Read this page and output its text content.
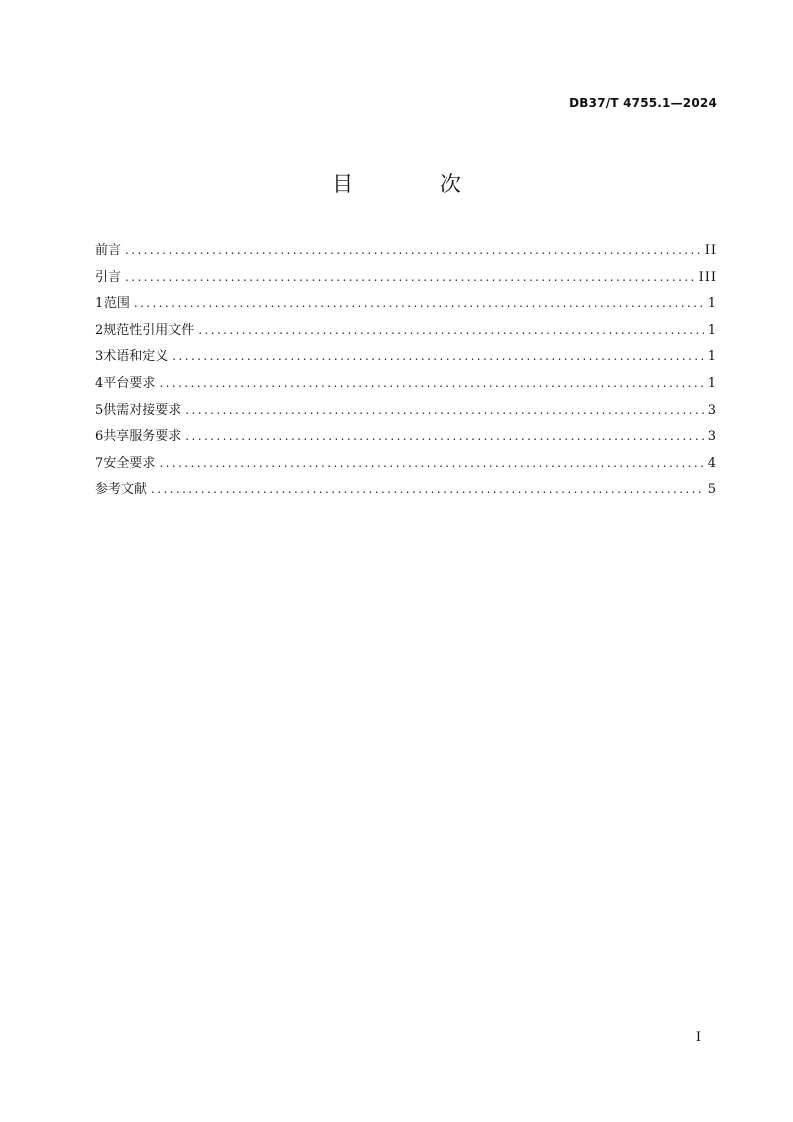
DB37/T 4755.1—2024
目 次
前言 .....	II
引言 .....	III
1 范围 .....	1
2 规范性引用文件 .....	1
3 术语和定义 .....	1
4 平台要求 .....	1
5 供需对接要求 .....	3
6 共享服务要求 .....	3
7 安全要求 .....	4
参考文献 .....	5
I
